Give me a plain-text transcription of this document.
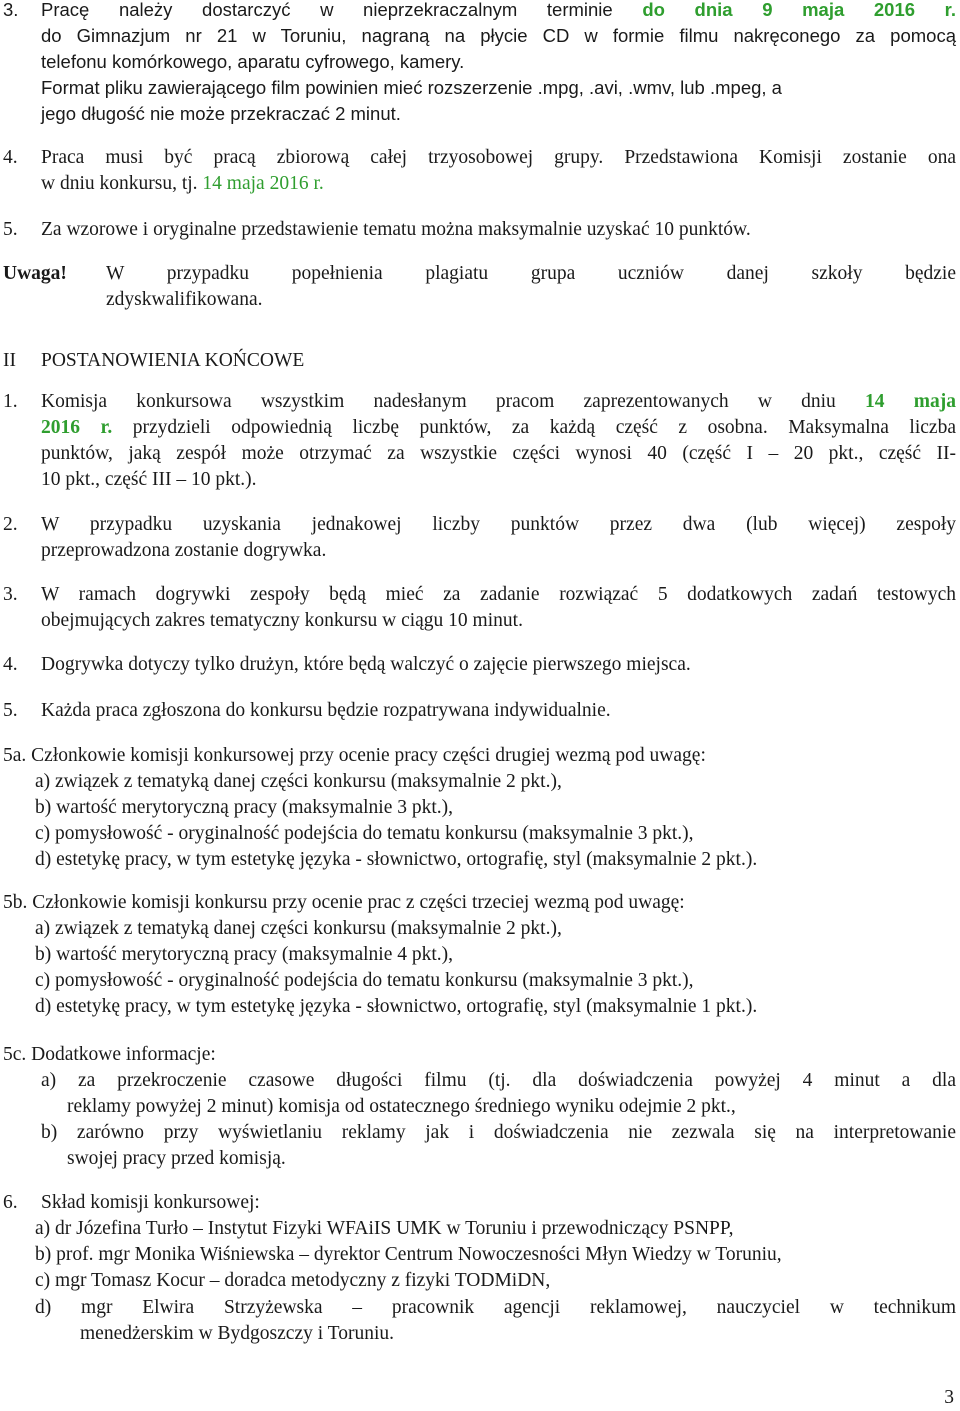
3. Pracę należy dostarczyć w nieprzekraczalnym terminie do dnia 9 maja 2016 r.
do Gimnazjum nr 21 w Toruniu, nagraną na płycie CD w formie filmu nakręconego za pomocą
telefonu komórkowego, aparatu cyfrowego, kamery.
Format pliku zawierającego film powinien mieć rozszerzenie .mpg, .avi, .wmv, lub .mpeg, a
jego długość nie może przekraczać 2 minut.
4. Praca musi być pracą zbiorową całej trzyosobowej grupy. Przedstawiona Komisji zostanie ona
w dniu konkursu, tj. 14 maja 2016 r.
5. Za wzorowe i oryginalne przedstawienie tematu można maksymalnie uzyskać 10 punktów.
Uwaga! W przypadku popełnienia plagiatu grupa uczniów danej szkoły będzie
zdyskwalifikowana.
II POSTANOWIENIA KOŃCOWE
1. Komisja konkursowa wszystkim nadesłanym pracom zaprezentowanych w dniu 14 maja
2016 r. przydzieli odpowiednią liczbę punktów, za każdą część z osobna. Maksymalna liczba
punktów, jaką zespół może otrzymać za wszystkie części wynosi 40 (część I – 20 pkt., część II-
10 pkt., część III – 10 pkt.).
2. W przypadku uzyskania jednakowej liczby punktów przez dwa (lub więcej) zespoły
przeprowadzona zostanie dogrywka.
3. W ramach dogrywki zespoły będą mieć za zadanie rozwiązać 5 dodatkowych zadań testowych
obejmujących zakres tematyczny konkursu w ciągu 10 minut.
4. Dogrywka dotyczy tylko drużyn, które będą walczyć o zajęcie pierwszego miejsca.
5. Każda praca zgłoszona do konkursu będzie rozpatrywana indywidualnie.
5a. Członkowie komisji konkursowej przy ocenie pracy części drugiej wezmą pod uwagę:
a) związek z tematyką danej części konkursu (maksymalnie 2 pkt.),
b) wartość merytoryczną pracy (maksymalnie 3 pkt.),
c) pomysłowość - oryginalność podejścia do tematu konkursu (maksymalnie 3 pkt.),
d) estetykę pracy, w tym estetykę języka - słownictwo, ortografię, styl (maksymalnie 2 pkt.).
5b. Członkowie komisji konkursu przy ocenie prac z części trzeciej wezmą pod uwagę:
a) związek z tematyką danej części konkursu (maksymalnie 2 pkt.),
b) wartość merytoryczną pracy (maksymalnie 4 pkt.),
c) pomysłowość - oryginalność podejścia do tematu konkursu (maksymalnie 3 pkt.),
d) estetykę pracy, w tym estetykę języka - słownictwo, ortografię, styl (maksymalnie 1 pkt.).
5c. Dodatkowe informacje:
a) za przekroczenie czasowe długości filmu (tj. dla doświadczenia powyżej 4 minut a dla
reklamy powyżej 2 minut) komisja od ostatecznego średniego wyniku odejmie 2 pkt.,
b) zarówno przy wyświetlaniu reklamy jak i doświadczenia nie zezwala się na interpretowanie
swojej pracy przed komisją.
6. Skład komisji konkursowej:
a) dr Józefina Turło – Instytut Fizyki WFAiIS UMK w Toruniu i przewodniczący PSNPP,
b) prof. mgr Monika Wiśniewska – dyrektor Centrum Nowoczesności Młyn Wiedzy w Toruniu,
c) mgr Tomasz Kocur – doradca metodyczny z fizyki TODMiDN,
d) mgr Elwira Strzyżewska – pracownik agencji reklamowej, nauczyciel w technikum
menedżerskim w Bydgoszczy i Toruniu.
3
